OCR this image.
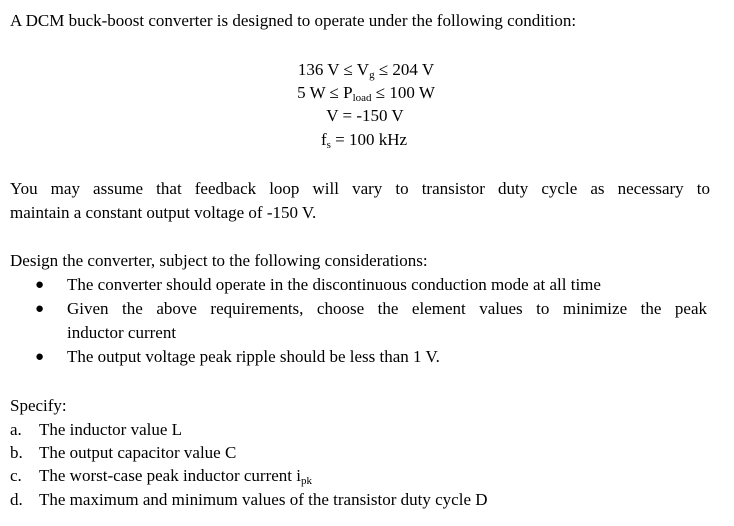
A DCM buck-boost converter is designed to operate under the following condition:
136 $V \le V_g \le 204$ V
5 $W \le P_{load} \le 100$ W
V = -150 V
$f_s = 100$ kHz
You may assume that feedback loop will vary to transistor duty cycle as necessary to
maintain a constant output voltage of -150 V.
Design the converter, subject to the following considerations:
● The converter should operate in the discontinuous conduction mode at all time
● Given the above requirements, choose the element values to minimize the peak
inductor current
● The output voltage peak ripple should be less than 1 V.
Specify:
a. The inductor value L
b. The output capacitor value C
c. The worst-case peak inductor current $i_{pk}$
d. The maximum and minimum values of the transistor duty cycle D
